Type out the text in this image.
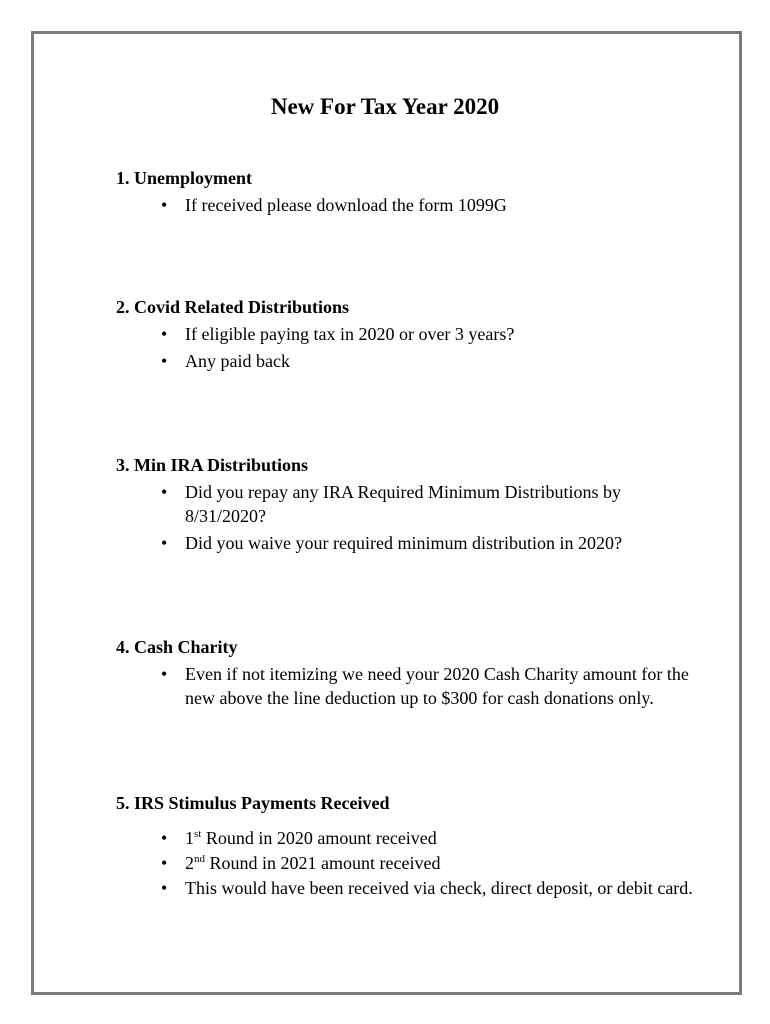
New For Tax Year 2020

1. Unemployment

• If received please download the form 1099G

2. Covid Related Distributions

• If eligible paying tax in 2020 or over 3 years?
• Any paid back

3. Min IRA Distributions

• Did you repay any IRA Required Minimum Distributions by 8/31/2020?
• Did you waive your required minimum distribution in 2020?

4. Cash Charity

• Even if not itemizing we need your 2020 Cash Charity amount for the new above the line deduction up to $300 for cash donations only.

5. IRS Stimulus Payments Received

• 1st Round in 2020 amount received
• 2nd Round in 2021 amount received
• This would have been received via check, direct deposit, or debit card.
